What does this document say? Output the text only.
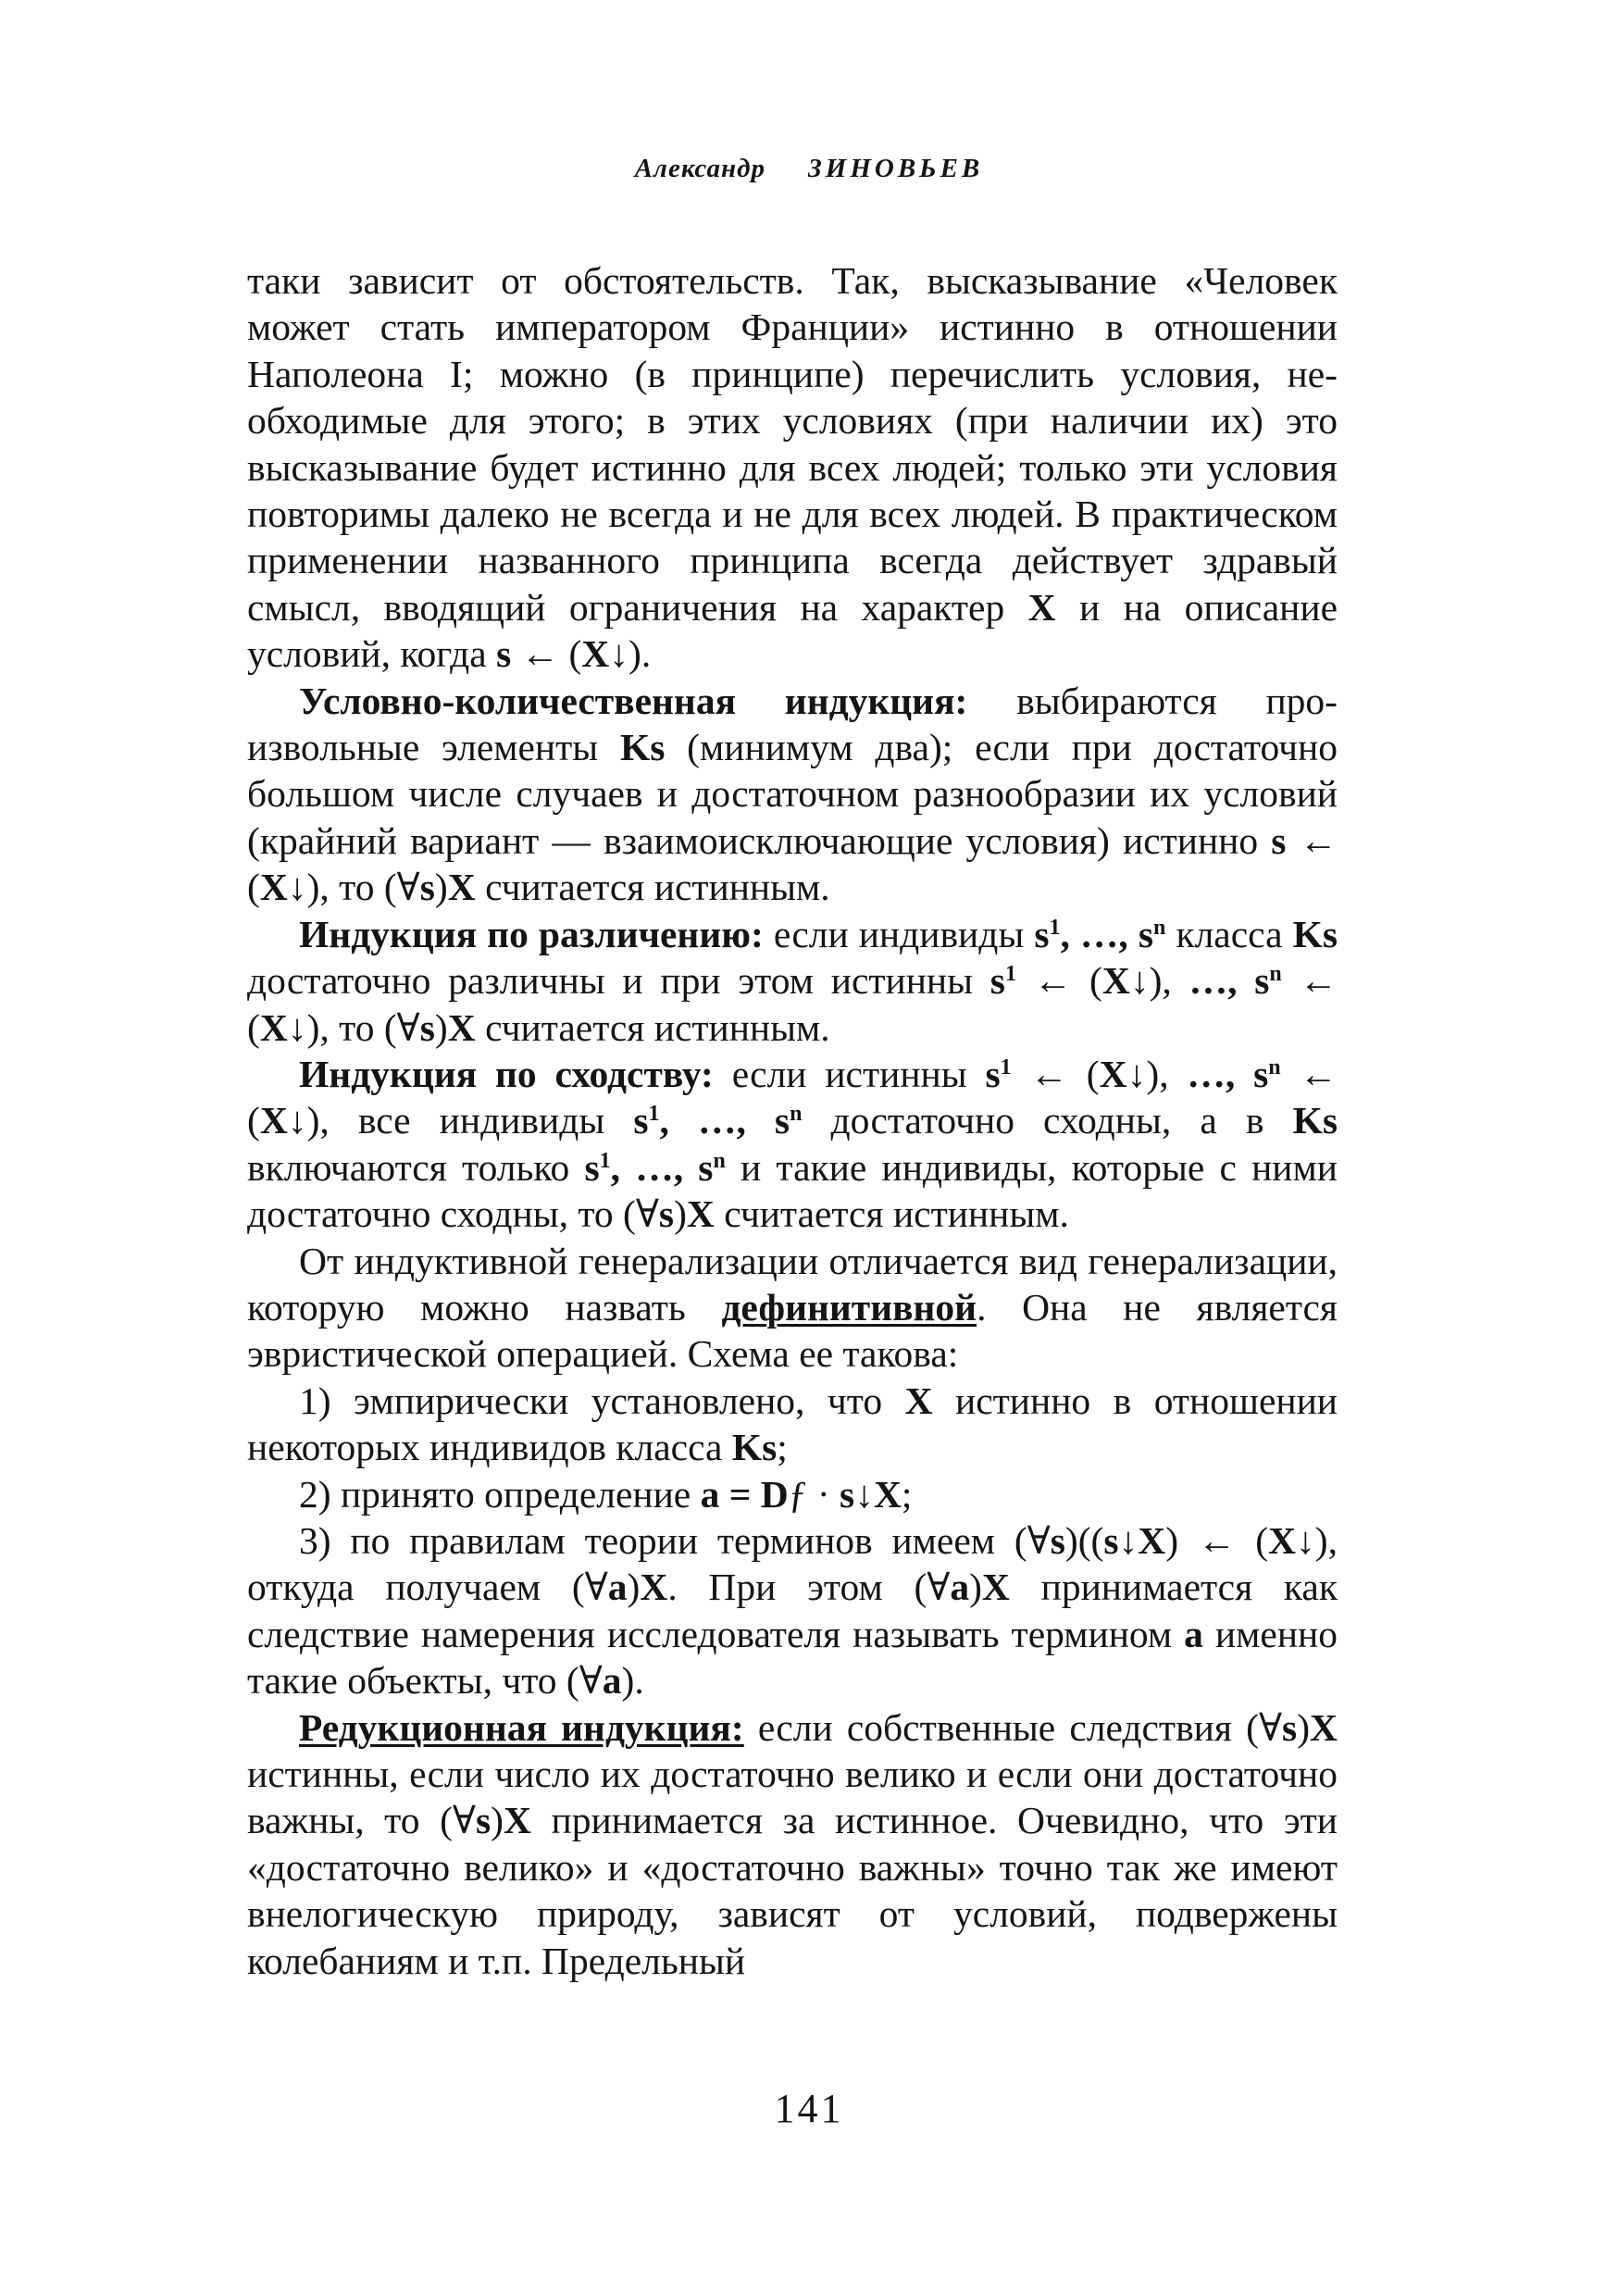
Александр ЗИНОВЬЕВ

таки зависит от обстоятельств. Так, высказывание «Человек может стать императором Франции» истинно в отношении Наполеона I; можно (в принципе) перечислить условия, необходимые для этого; в этих условиях (при наличии их) это высказывание будет истинно для всех людей; только эти условия повторимы далеко не всегда и не для всех людей. В практическом применении названного принципа всегда действует здравый смысл, вводящий ограничения на характер X и на описание условий, когда s ← (X↓).

Условно-количественная индукция: выбираются произвольные элементы Ks (минимум два); если при достаточно большом числе случаев и достаточном разнообразии их условий (крайний вариант — взаимоисключающие условия) истинно s ← (X↓), то (∀s)X считается истинным.

Индукция по различению: если индивиды $s^1$, …, $s^n$ класса Ks достаточно различны и при этом истинны $s^1$ ← (X↓), …, $s^n$ ← (X↓), то (∀s)X считается истинным.

Индукция по сходству: если истинны $s^1$ ← (X↓), …, $s^n$ ← (X↓), все индивиды $s^1$, …, $s^n$ достаточно сходны, а в Ks включаются только $s^1$, …, $s^n$ и такие индивиды, которые с ними достаточно сходны, то (∀s)X считается истинным.

От индуктивной генерализации отличается вид генерализации, которую можно назвать дефинитивной. Она не является эвристической операцией. Схема ее такова:

1) эмпирически установлено, что X истинно в отношении некоторых индивидов класса Ks;

2) принято определение a = Dƒ · s↓X;

3) по правилам теории терминов имеем (∀s)((s↓X) ← (X↓), откуда получаем (∀a)X. При этом (∀a)X принимается как следствие намерения исследователя называть термином а именно такие объекты, что (∀a).

Редукционная индукция: если собственные следствия (∀s)X истинны, если число их достаточно велико и если они достаточно важны, то (∀s)X принимается за истинное. Очевидно, что эти «достаточно велико» и «достаточно важны» точно так же имеют внелогическую природу, зависят от условий, подвержены колебаниям и т.п. Предельный

141
